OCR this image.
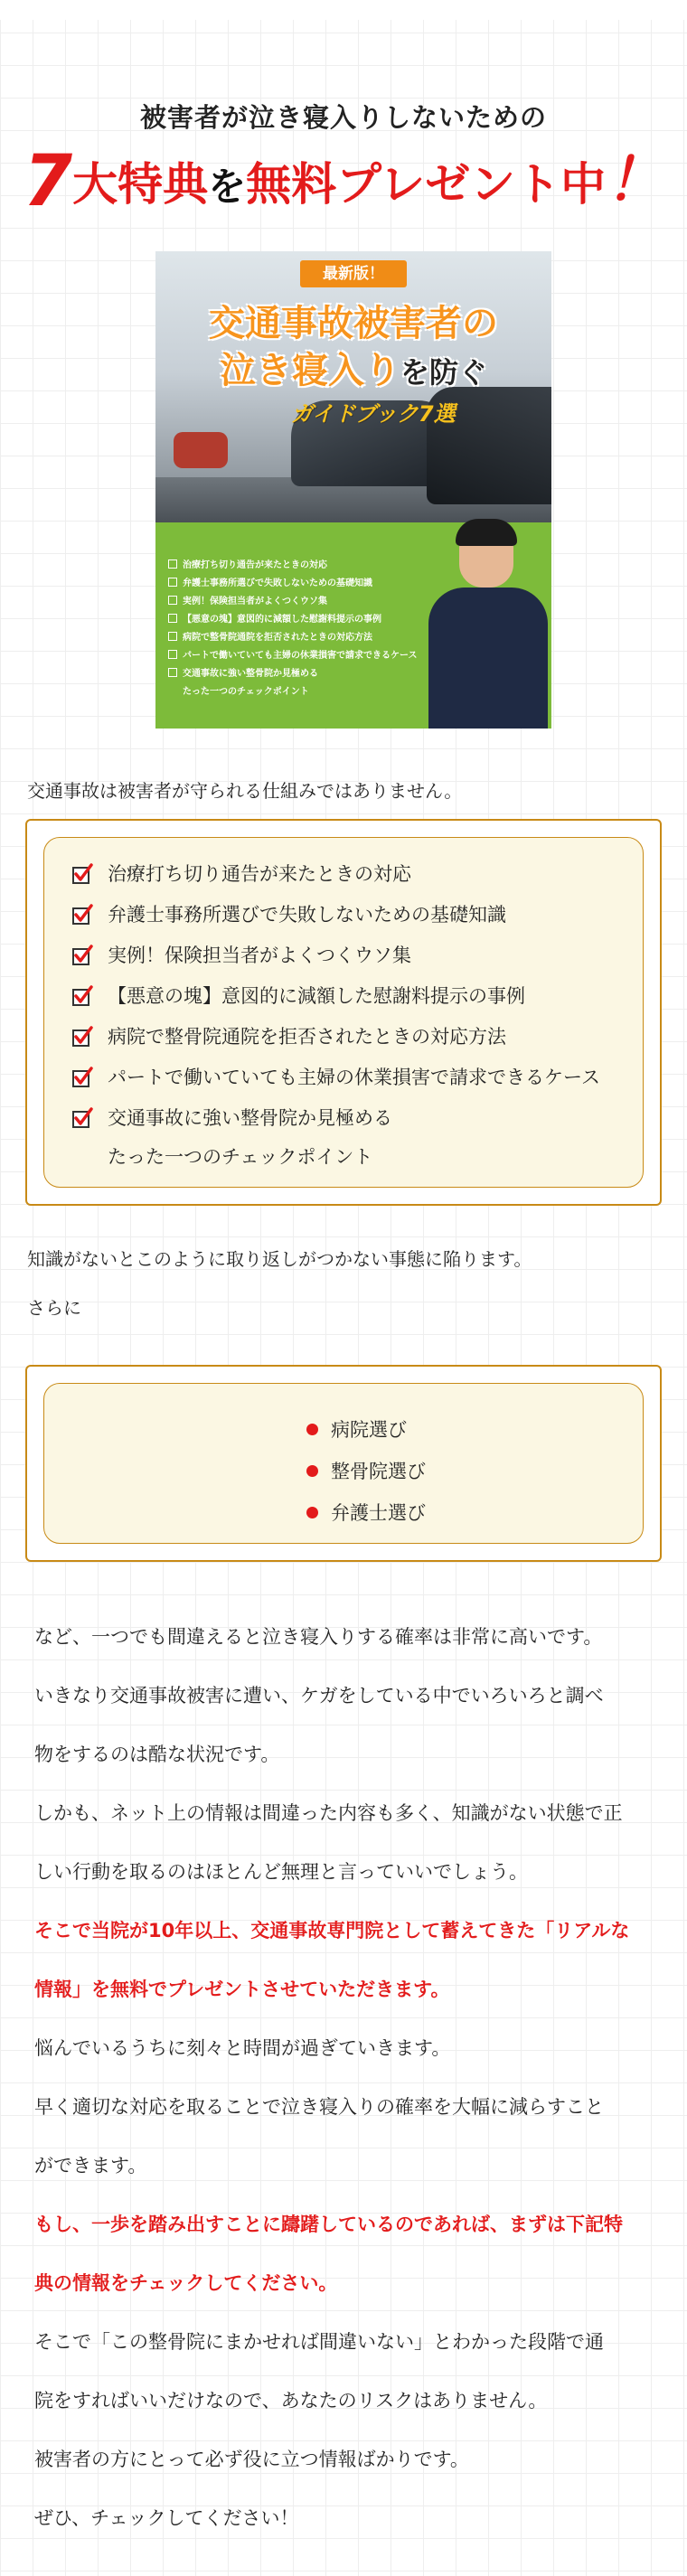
被害者が泣き寝入りしないための
7大特典を無料プレゼント中！
最新版！
交通事故被害者の
泣き寝入りを防ぐ
ガイドブック7選
治療打ち切り通告が来たときの対応
弁護士事務所選びで失敗しないための基礎知識
実例！保険担当者がよくつくウソ集
【悪意の塊】意図的に減額した慰謝料提示の事例
病院で整骨院通院を拒否されたときの対応方法
パートで働いていても主婦の休業損害で請求できるケース
交通事故に強い整骨院か見極める
たった一つのチェックポイント
交通事故は被害者が守られる仕組みではありません。
治療打ち切り通告が来たときの対応
弁護士事務所選びで失敗しないための基礎知識
実例！保険担当者がよくつくウソ集
【悪意の塊】意図的に減額した慰謝料提示の事例
病院で整骨院通院を拒否されたときの対応方法
パートで働いていても主婦の休業損害で請求できるケース
交通事故に強い整骨院か見極める
たった一つのチェックポイント
知識がないとこのように取り返しがつかない事態に陥ります。
さらに
病院選び
整骨院選び
弁護士選び
など、一つでも間違えると泣き寝入りする確率は非常に高いです。
いきなり交通事故被害に遭い、ケガをしている中でいろいろと調べ
物をするのは酷な状況です。
しかも、ネット上の情報は間違った内容も多く、知識がない状態で正
しい行動を取るのはほとんど無理と言っていいでしょう。
そこで当院が10年以上、交通事故専門院として蓄えてきた「リアルな
情報」を無料でプレゼントさせていただきます。
悩んでいるうちに刻々と時間が過ぎていきます。
早く適切な対応を取ることで泣き寝入りの確率を大幅に減らすこと
ができます。
もし、一歩を踏み出すことに躊躇しているのであれば、まずは下記特
典の情報をチェックしてください。
そこで「この整骨院にまかせれば間違いない」とわかった段階で通
院をすればいいだけなので、あなたのリスクはありません。
被害者の方にとって必ず役に立つ情報ばかりです。
ぜひ、チェックしてください！
